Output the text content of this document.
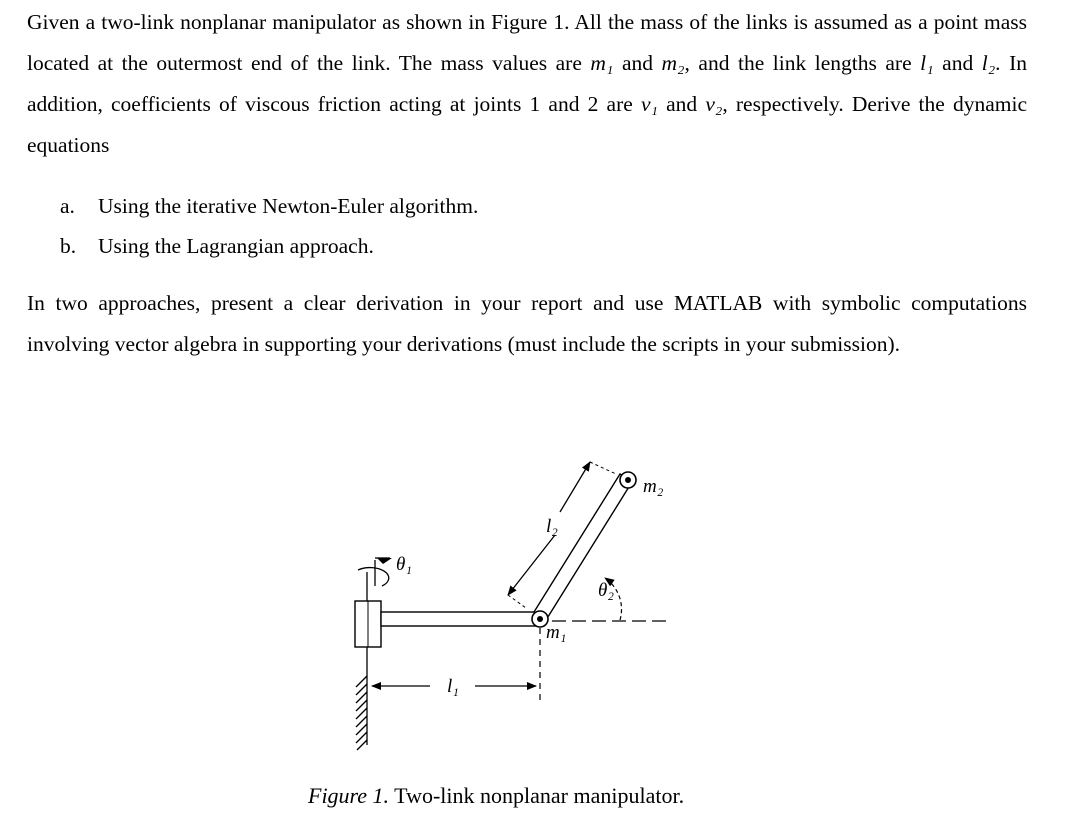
Given a two-link nonplanar manipulator as shown in Figure 1. All the mass of the links is assumed as a point mass located at the outermost end of the link. The mass values are m₁ and m₂, and the link lengths are l₁ and l₂. In addition, coefficients of viscous friction acting at joints 1 and 2 are v₁ and v₂, respectively. Derive the dynamic equations

a.	Using the iterative Newton-Euler algorithm.
b.	Using the Lagrangian approach.

In two approaches, present a clear derivation in your report and use MATLAB with symbolic computations involving vector algebra in supporting your derivations (must include the scripts in your submission).

θ₁
θ₂
l₁
l₂
m₁
m₂
Figure 1. Two-link nonplanar manipulator.
